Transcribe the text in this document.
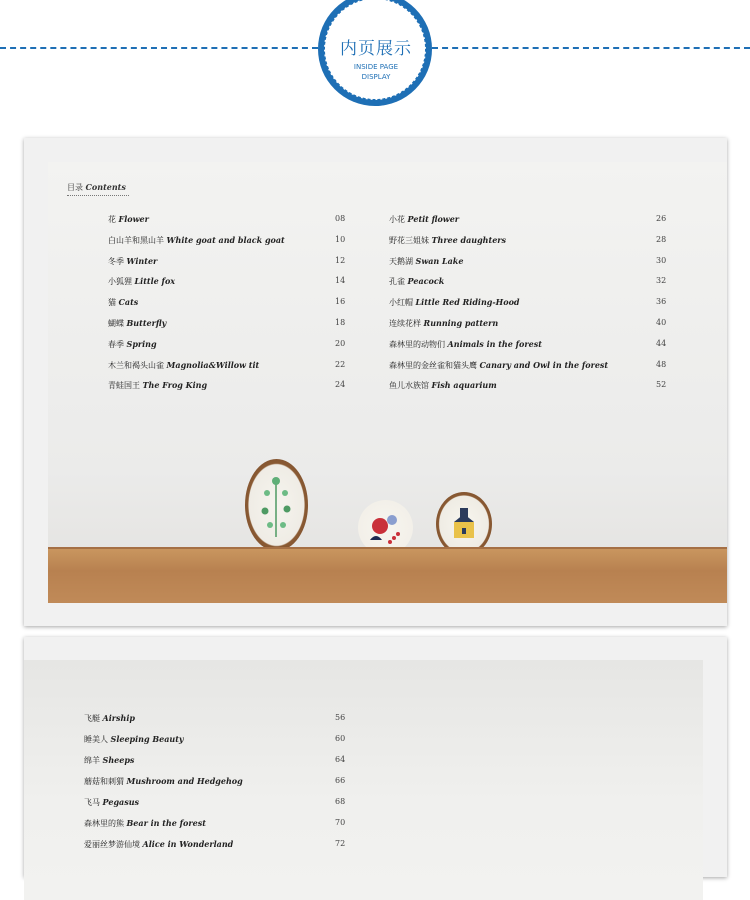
内页展示
INSIDE PAGE
DISPLAY
目录 Contents
花 Flower	08
白山羊和黑山羊 White goat and black goat	10
冬季 Winter	12
小狐狸 Little fox	14
猫 Cats	16
蝴蝶 Butterfly	18
春季 Spring	20
木兰和褐头山雀 Magnolia&Willow tit	22
青蛙国王 The Frog King	24
小花 Petit flower	26
野花三姐妹 Three daughters	28
天鹅湖 Swan Lake	30
孔雀 Peacock	32
小红帽 Little Red Riding-Hood	36
连续花样 Running pattern	40
森林里的动物们 Animals in the forest	44
森林里的金丝雀和猫头鹰 Canary and Owl in the forest	48
鱼儿水族馆 Fish aquarium	52
飞艇 Airship	56
睡美人 Sleeping Beauty	60
绵羊 Sheeps	64
蘑菇和刺猬 Mushroom and Hedgehog	66
飞马 Pegasus	68
森林里的熊 Bear in the forest	70
爱丽丝梦游仙境 Alice in Wonderland	72
